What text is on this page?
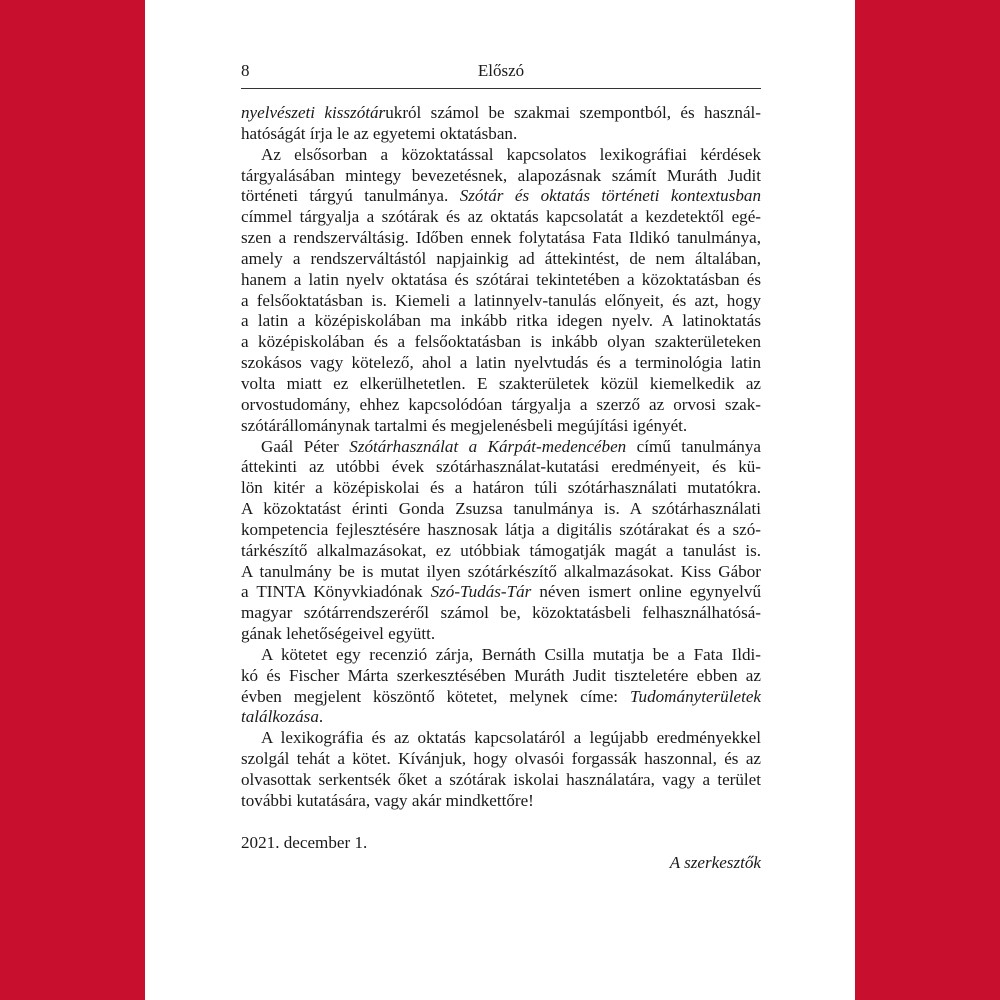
8	Előszó
nyelvészeti kisszótárukról számol be szakmai szempontból, és használ-
hatóságát írja le az egyetemi oktatásban.
Az elsősorban a közoktatással kapcsolatos lexikográfiai kérdések
tárgyalásában mintegy bevezetésnek, alapozásnak számít Muráth Judit
történeti tárgyú tanulmánya. Szótár és oktatás történeti kontextusban
címmel tárgyalja a szótárak és az oktatás kapcsolatát a kezdetektől egé-
szen a rendszerváltásig. Időben ennek folytatása Fata Ildikó tanulmánya,
amely a rendszerváltástól napjainkig ad áttekintést, de nem általában,
hanem a latin nyelv oktatása és szótárai tekintetében a közoktatásban és
a felsőoktatásban is. Kiemeli a latinnyelv-tanulás előnyeit, és azt, hogy
a latin a középiskolában ma inkább ritka idegen nyelv. A latinoktatás
a középiskolában és a felsőoktatásban is inkább olyan szakterületeken
szokásos vagy kötelező, ahol a latin nyelvtudás és a terminológia latin
volta miatt ez elkerülhetetlen. E szakterületek közül kiemelkedik az
orvostudomány, ehhez kapcsolódóan tárgyalja a szerző az orvosi szak-
szótárállománynak tartalmi és megjelenésbeli megújítási igényét.
Gaál Péter Szótárhasználat a Kárpát-medencében című tanulmánya
áttekinti az utóbbi évek szótárhasználat-kutatási eredményeit, és kü-
lön kitér a középiskolai és a határon túli szótárhasználati mutatókra.
A közoktatást érinti Gonda Zsuzsa tanulmánya is. A szótárhasználati
kompetencia fejlesztésére hasznosak látja a digitális szótárakat és a szó-
tárkészítő alkalmazásokat, ez utóbbiak támogatják magát a tanulást is.
A tanulmány be is mutat ilyen szótárkészítő alkalmazásokat. Kiss Gábor
a TINTA Könyvkiadónak Szó-Tudás-Tár néven ismert online egynyelvű
magyar szótárrendszeréről számol be, közoktatásbeli felhasználhatósá-
gának lehetőségeivel együtt.
A kötetet egy recenzió zárja, Bernáth Csilla mutatja be a Fata Ildi-
kó és Fischer Márta szerkesztésében Muráth Judit tiszteletére ebben az
évben megjelent köszöntő kötetet, melynek címe: Tudományterületek
találkozása.
A lexikográfia és az oktatás kapcsolatáról a legújabb eredményekkel
szolgál tehát a kötet. Kívánjuk, hogy olvasói forgassák haszonnal, és az
olvasottak serkentsék őket a szótárak iskolai használatára, vagy a terület
további kutatására, vagy akár mindkettőre!
2021. december 1.
A szerkesztők
